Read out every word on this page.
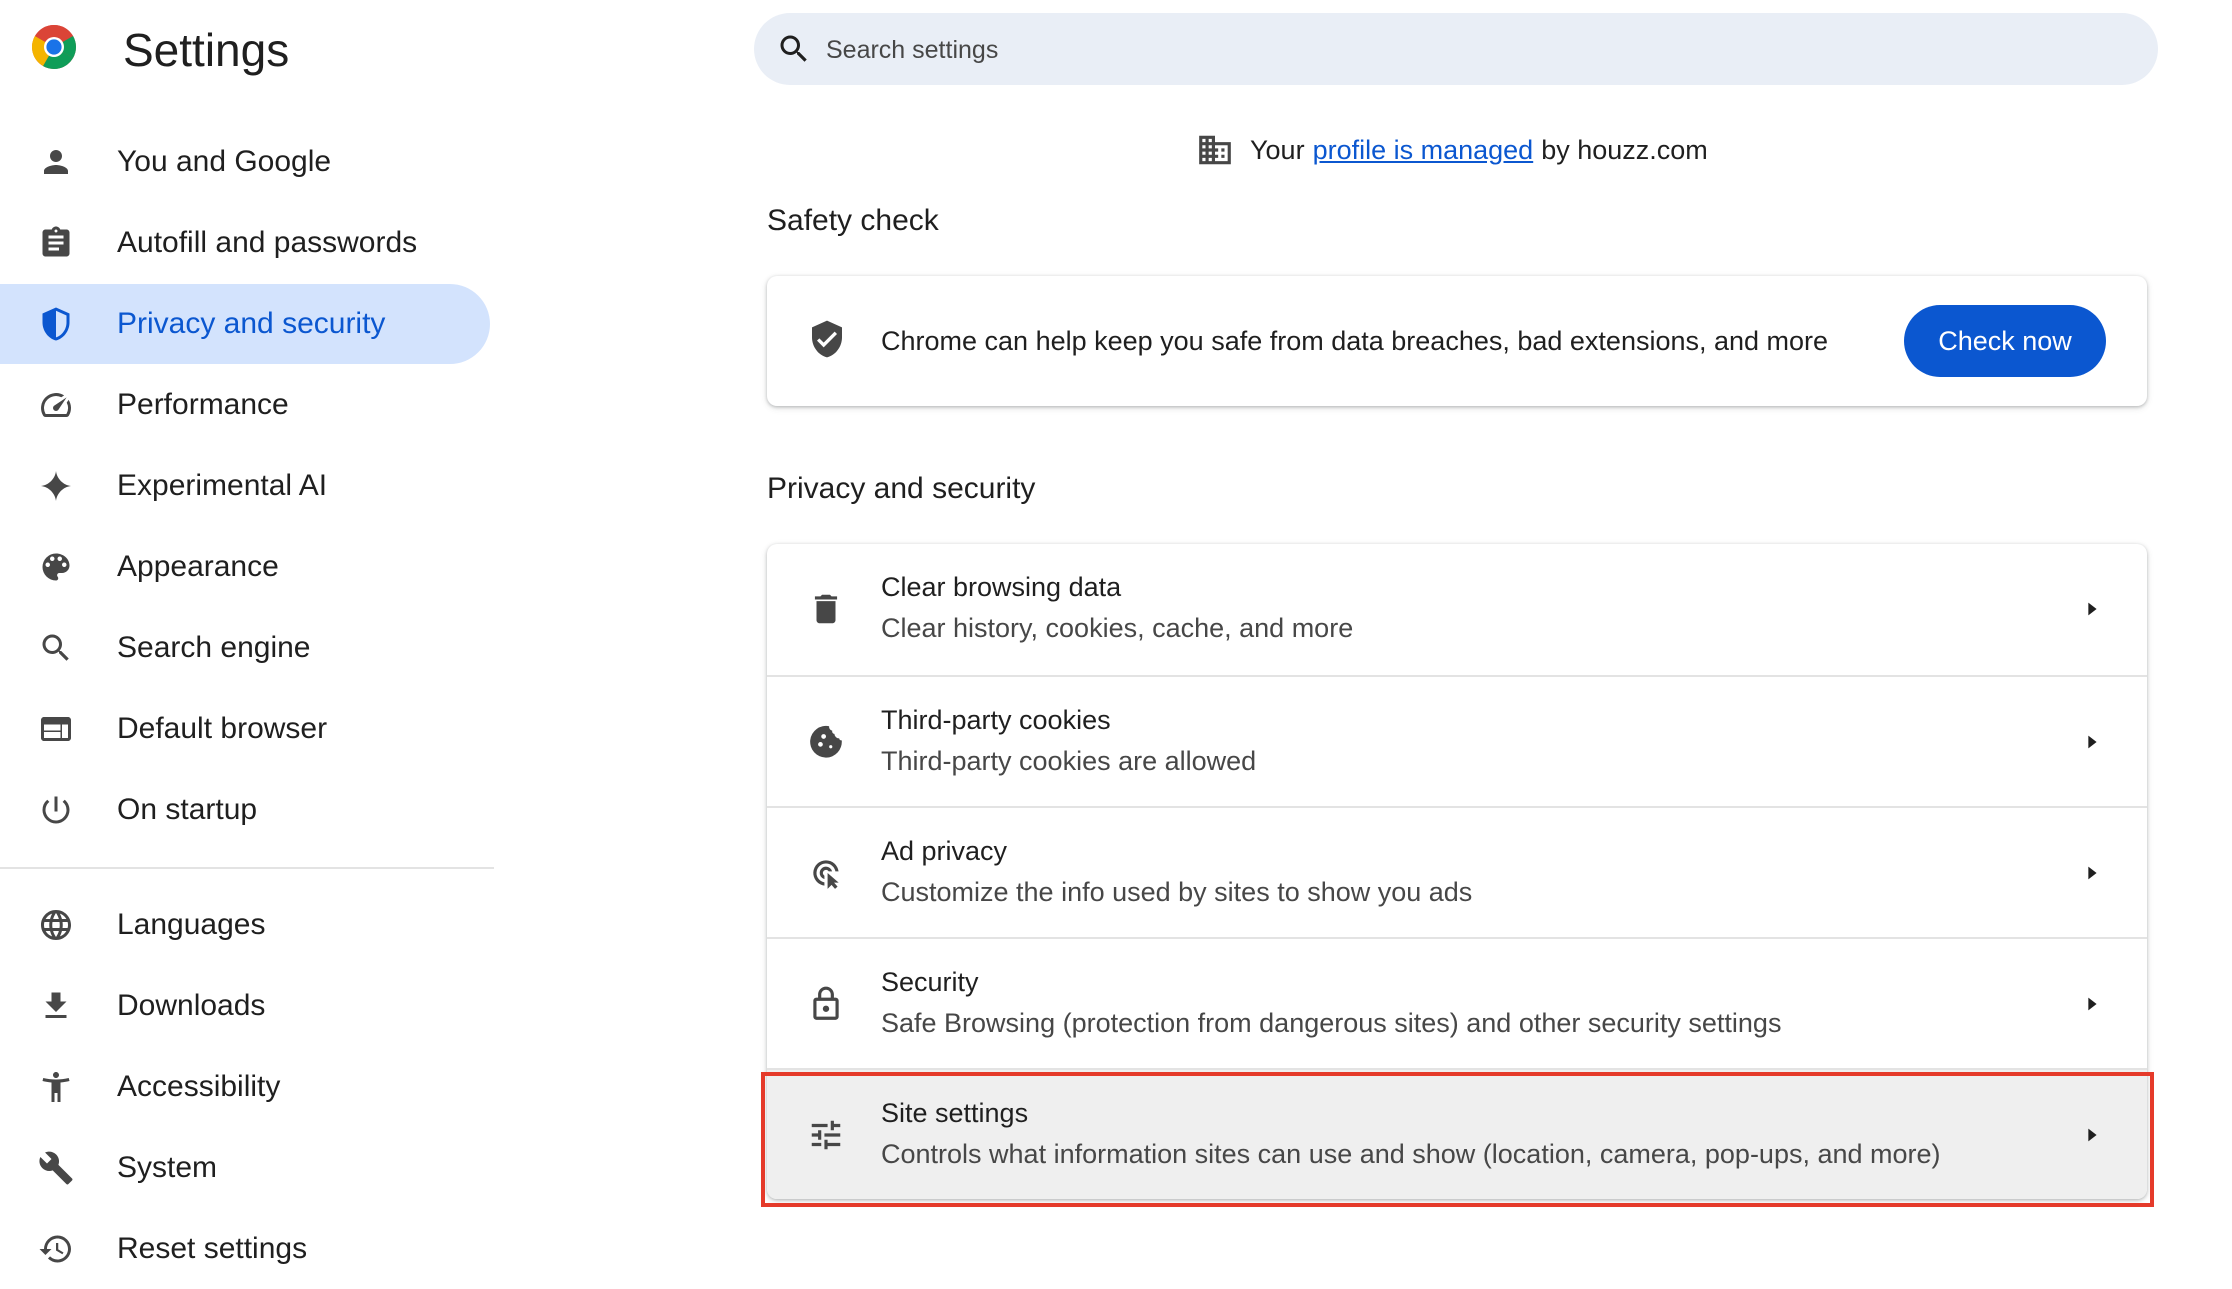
Settings
Search settings
You and Google
Autofill and passwords
Privacy and security
Performance
Experimental AI
Appearance
Search engine
Default browser
On startup
Languages
Downloads
Accessibility
System
Reset settings
Your profile is managed by houzz.com
Safety check
Chrome can help keep you safe from data breaches, bad extensions, and more	Check now
Privacy and security
Clear browsing data
Clear history, cookies, cache, and more
Third-party cookies
Third-party cookies are allowed
Ad privacy
Customize the info used by sites to show you ads
Security
Safe Browsing (protection from dangerous sites) and other security settings
Site settings
Controls what information sites can use and show (location, camera, pop-ups, and more)
